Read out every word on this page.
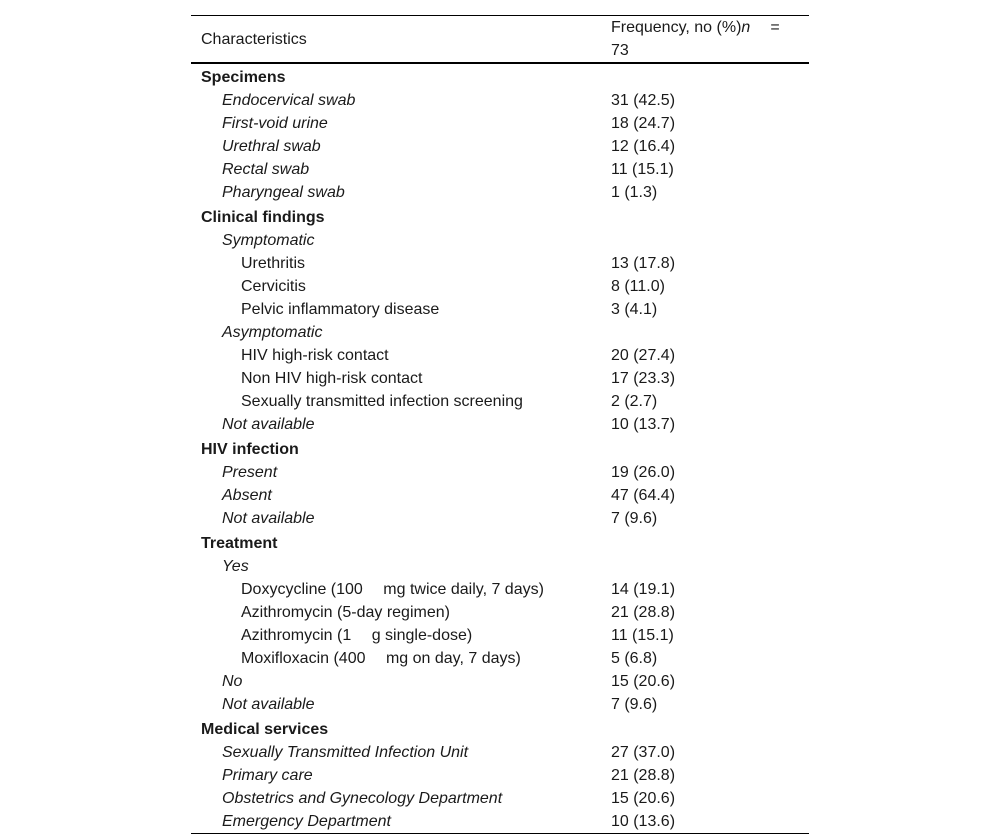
Characteristics	Frequency, no (%)n =73
Specimens	
Endocervical swab	31 (42.5)
First-void urine	18 (24.7)
Urethral swab	12 (16.4)
Rectal swab	11 (15.1)
Pharyngeal swab	1 (1.3)
Clinical findings	
Symptomatic	
Urethritis	13 (17.8)
Cervicitis	8 (11.0)
Pelvic inflammatory disease	3 (4.1)
Asymptomatic	
HIV high-risk contact	20 (27.4)
Non HIV high-risk contact	17 (23.3)
Sexually transmitted infection screening	2 (2.7)
Not available	10 (13.7)
HIV infection	
Present	19 (26.0)
Absent	47 (64.4)
Not available	7 (9.6)
Treatment	
Yes	
Doxycycline (100  mg twice daily, 7 days)	14 (19.1)
Azithromycin (5-day regimen)	21 (28.8)
Azithromycin (1  g single-dose)	11 (15.1)
Moxifloxacin (400  mg on day, 7 days)	5 (6.8)
No	15 (20.6)
Not available	7 (9.6)
Medical services	
Sexually Transmitted Infection Unit	27 (37.0)
Primary care	21 (28.8)
Obstetrics and Gynecology Department	15 (20.6)
Emergency Department	10 (13.6)
